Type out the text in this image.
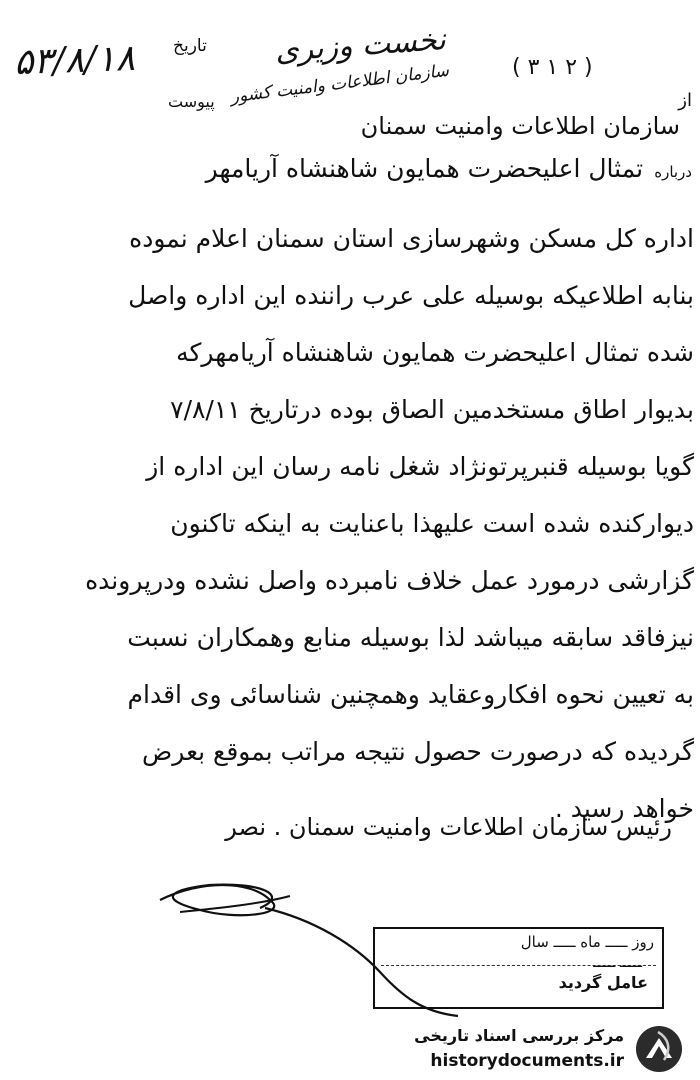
۵۳/۸/۱۸ تاریخ
پیوست
نخست وزیری
سازمان اطلاعات وامنیت کشور	( ۳ ۱ ۲ )
از
سازمان اطلاعات وامنیت سمنان
درباره تمثال اعلیحضرت همایون شاهنشاه آریامهر
اداره کل مسکن وشهرسازی استان سمنان اعلام نموده
بنابه اطلاعیکه بوسیله علی عرب راننده این اداره واصل
شده تمثال اعلیحضرت همایون شاهنشاه آریامهرکه
بدیوار اطاق مستخدمین الصاق بوده درتاریخ ۷/۸/۱۱
گویا بوسیله قنبرپرتونژاد شغل نامه رسان این اداره از
دیوارکنده شده است علیهذا باعنایت به اینکه تاکنون
گزارشی درمورد عمل خلاف نامبرده واصل نشده ودرپرونده
نیزفاقد سابقه میباشد لذا بوسیله منابع وهمکاران نسبت
به تعیین نحوه افکاروعقاید وهمچنین شناسائی وی اقدام
گردیده که درصورت حصول نتیجه مراتب بموقع بعرض
خواهد رسید .
رئیس سازمان اطلاعات وامنیت سمنان . نصر
روز ـــــ ماه ـــــ سال
ـــــ ـــــ
عامل گردید
مرکز بررسی اسناد تاریخی
historydocuments.ir
